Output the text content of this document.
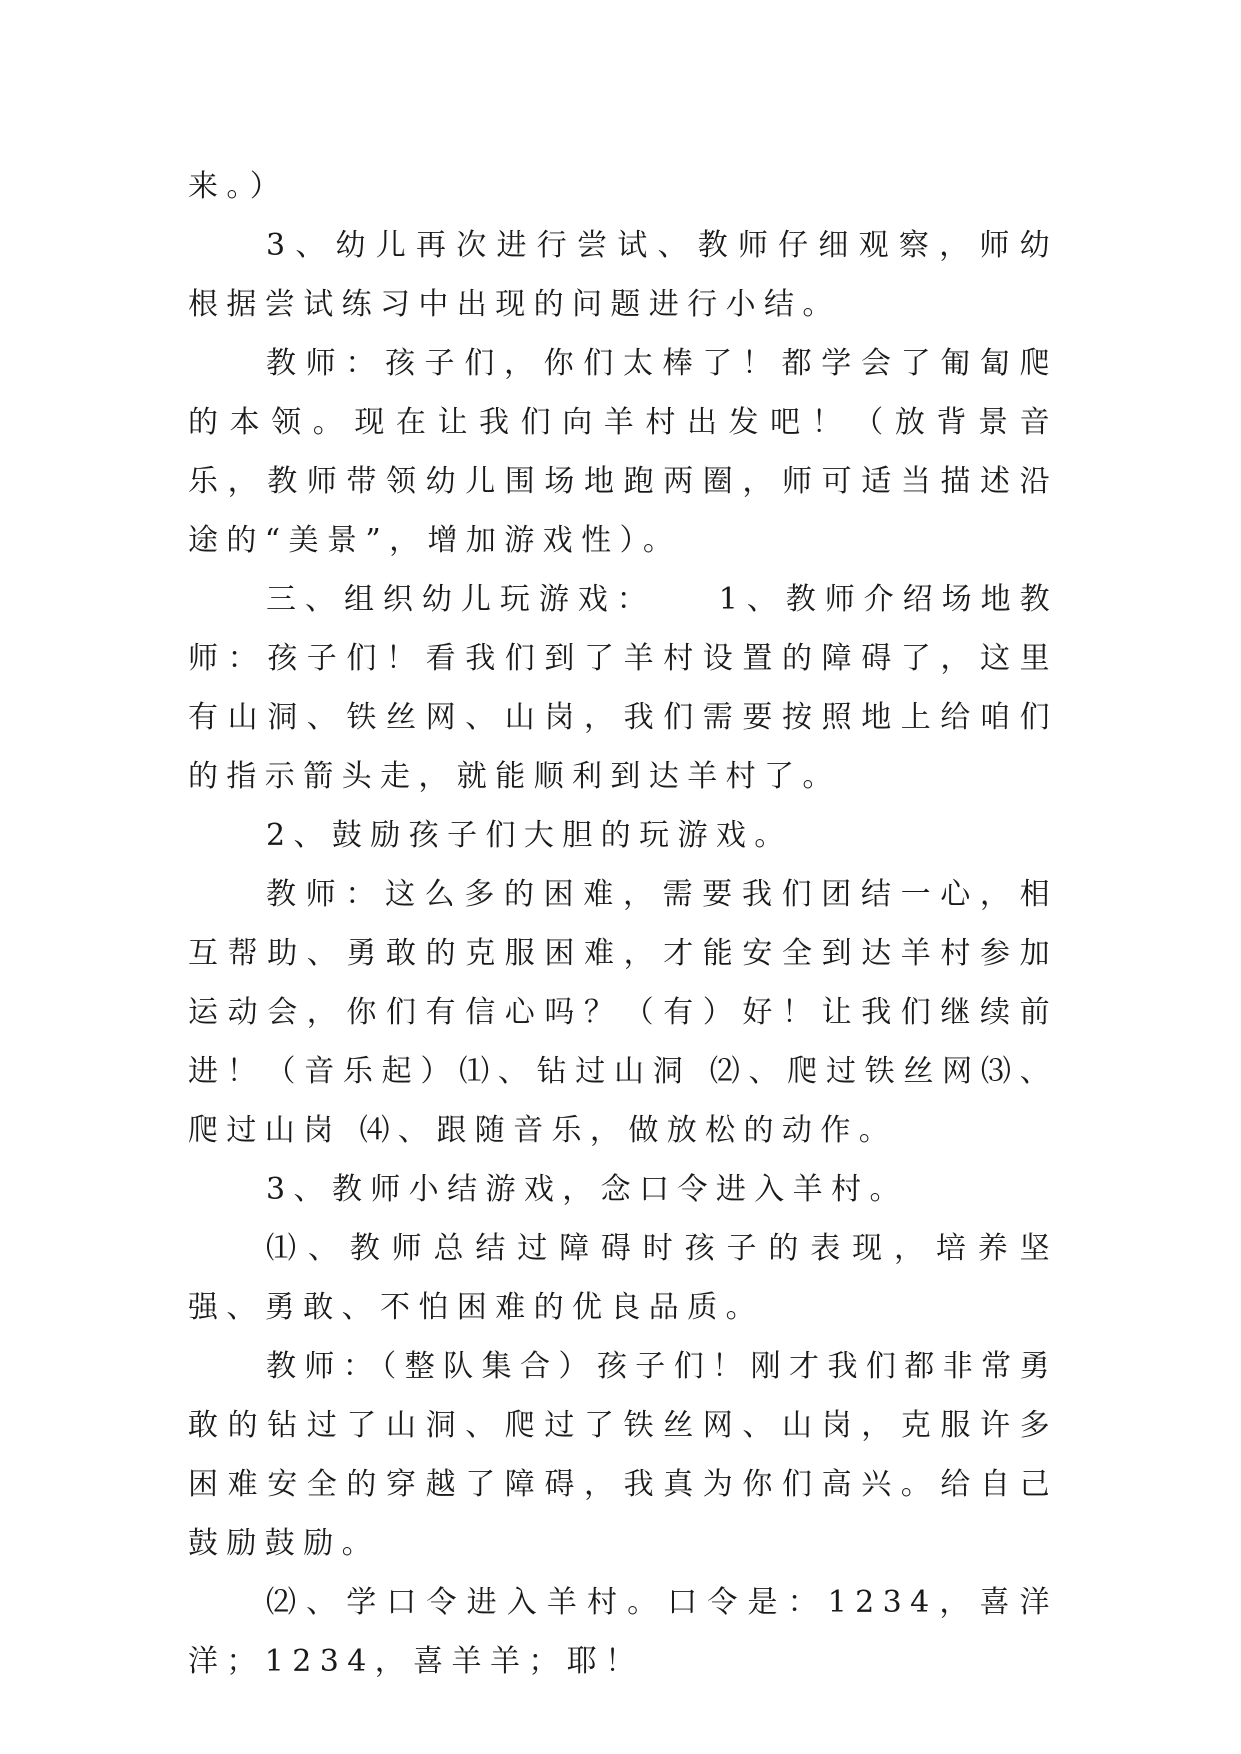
来。）

3、幼儿再次进行尝试、教师仔细观察，师幼根据尝试练习中出现的问题进行小结。

教师：孩子们，你们太棒了！都学会了匍匐爬的本领。现在让我们向羊村出发吧！（放背景音乐，教师带领幼儿围场地跑两圈，师可适当描述沿途的“美景”，增加游戏性）。

三、组织幼儿玩游戏：　　1、教师介绍场地教师：孩子们！看我们到了羊村设置的障碍了，这里有山洞、铁丝网、山岗，我们需要按照地上给咱们的指示箭头走，就能顺利到达羊村了。

2、鼓励孩子们大胆的玩游戏。

教师：这么多的困难，需要我们团结一心，相互帮助、勇敢的克服困难，才能安全到达羊村参加运动会，你们有信心吗？（有）好！让我们继续前进！（音乐起）⑴、钻过山洞 ⑵、爬过铁丝网⑶、爬过山岗 ⑷、跟随音乐，做放松的动作。

3、教师小结游戏，念口令进入羊村。

⑴、教师总结过障碍时孩子的表现，培养坚强、勇敢、不怕困难的优良品质。

教师：（整队集合）孩子们！刚才我们都非常勇敢的钻过了山洞、爬过了铁丝网、山岗，克服许多困难安全的穿越了障碍，我真为你们高兴。给自己鼓励鼓励。

⑵、学口令进入羊村。口令是：1234，喜洋洋；1234，喜羊羊；耶！
